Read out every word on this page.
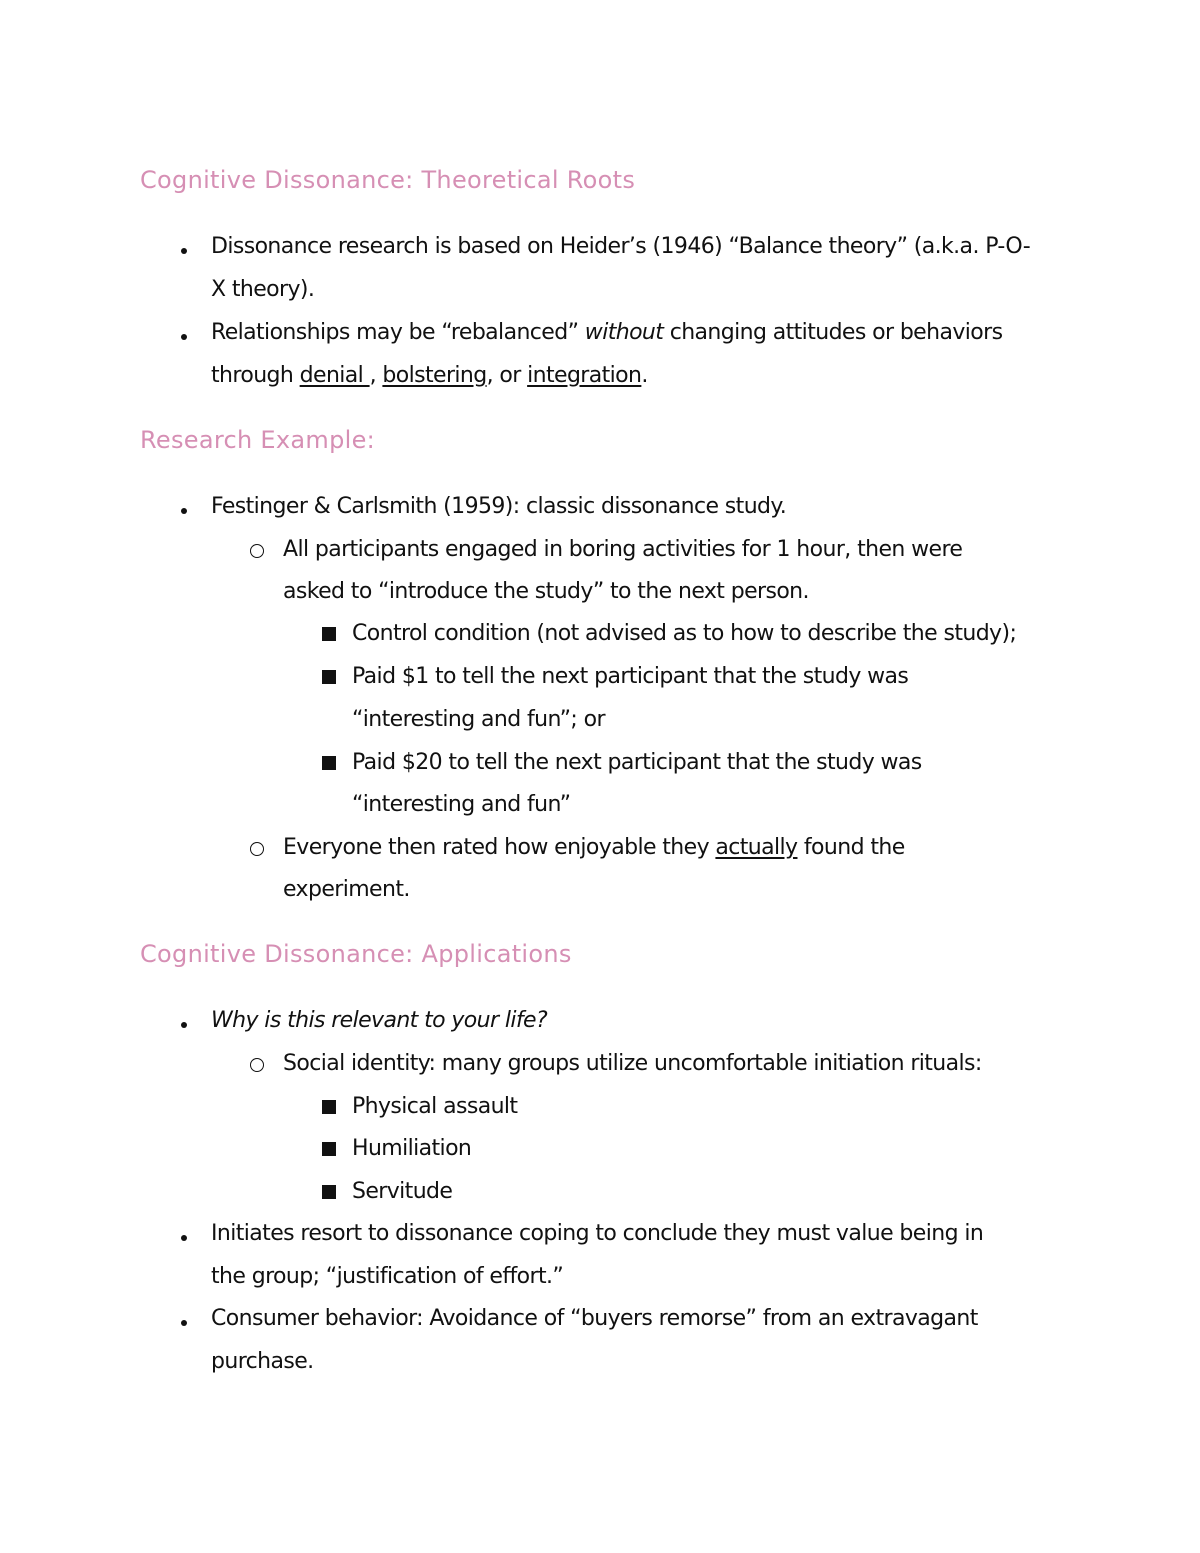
Cognitive Dissonance: Theoretical Roots

Dissonance research is based on Heider’s (1946) “Balance theory” (a.k.a. P-O-

X theory).

Relationships may be “rebalanced” without changing attitudes or behaviors

through denial , bolstering, or integration.

Research Example:

Festinger & Carlsmith (1959): classic dissonance study.

All participants engaged in boring activities for 1 hour, then were

asked to “introduce the study” to the next person.

Control condition (not advised as to how to describe the study);

Paid $1 to tell the next participant that the study was

“interesting and fun”; or

Paid $20 to tell the next participant that the study was

“interesting and fun”

Everyone then rated how enjoyable they actually found the

experiment.

Cognitive Dissonance: Applications

Why is this relevant to your life?

Social identity: many groups utilize uncomfortable initiation rituals:

Physical assault

Humiliation

Servitude

Initiates resort to dissonance coping to conclude they must value being in

the group; “justification of effort.”

Consumer behavior: Avoidance of “buyers remorse” from an extravagant

purchase.
